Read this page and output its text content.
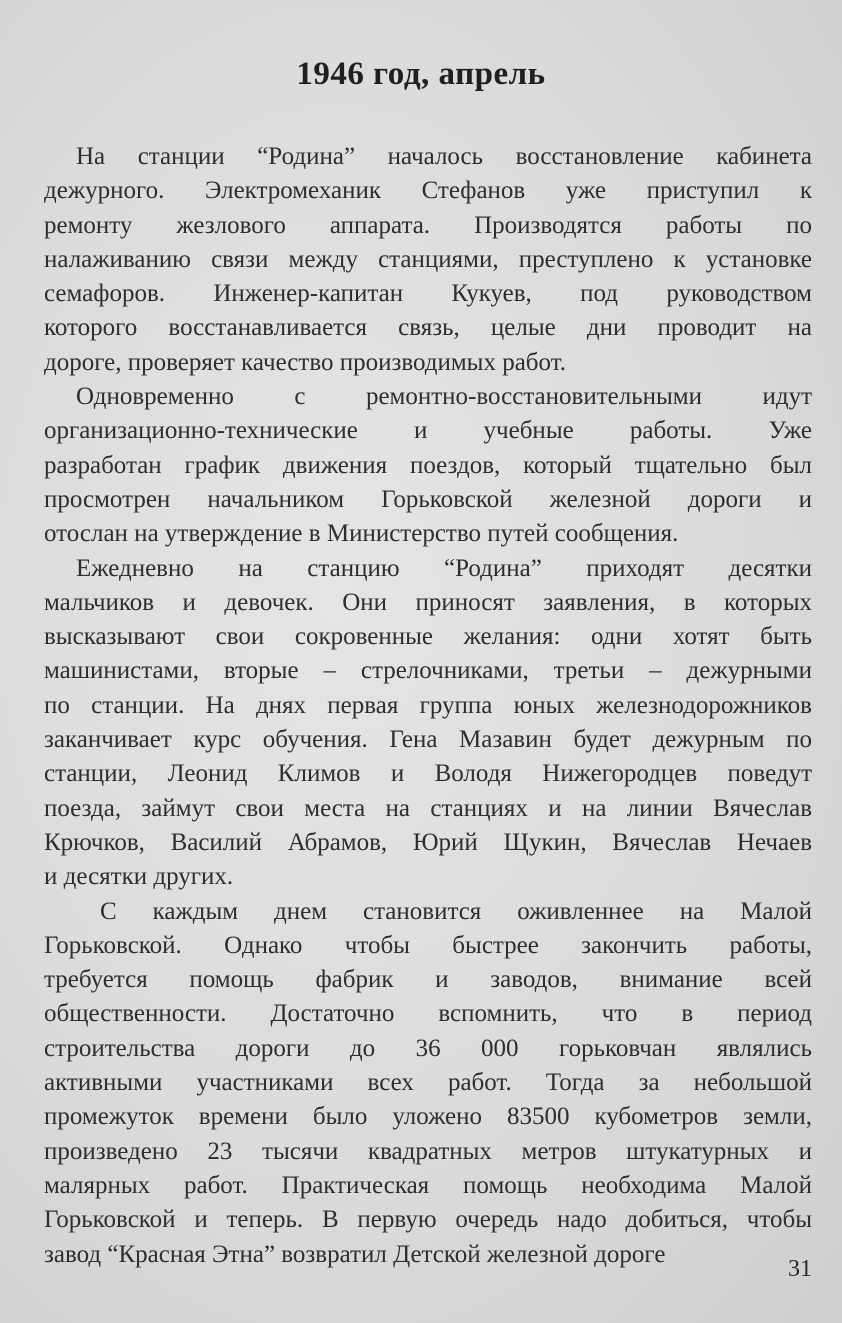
1946 год, апрель
На станции “Родина” началось восстановление кабинета
дежурного. Электромеханик Стефанов уже приступил к
ремонту жезлового аппарата. Производятся работы по
налаживанию связи между станциями, преступлено к установке
семафоров. Инженер-капитан Кукуев, под руководством
которого восстанавливается связь, целые дни проводит на
дороге, проверяет качество производимых работ.
Одновременно с ремонтно-восстановительными идут
организационно-технические и учебные работы. Уже
разработан график движения поездов, который тщательно был
просмотрен начальником Горьковской железной дороги и
отослан на утверждение в Министерство путей сообщения.
Ежедневно на станцию “Родина” приходят десятки
мальчиков и девочек. Они приносят заявления, в которых
высказывают свои сокровенные желания: одни хотят быть
машинистами, вторые – стрелочниками, третьи – дежурными
по станции. На днях первая группа юных железнодорожников
заканчивает курс обучения. Гена Мазавин будет дежурным по
станции, Леонид Климов и Володя Нижегородцев поведут
поезда, займут свои места на станциях и на линии Вячеслав
Крючков, Василий Абрамов, Юрий Щукин, Вячеслав Нечаев
и десятки других.
С каждым днем становится оживленнее на Малой
Горьковской. Однако чтобы быстрее закончить работы,
требуется помощь фабрик и заводов, внимание всей
общественности. Достаточно вспомнить, что в период
строительства дороги до 36 000 горьковчан являлись
активными участниками всех работ. Тогда за небольшой
промежуток времени было уложено 83500 кубометров земли,
произведено 23 тысячи квадратных метров штукатурных и
малярных работ. Практическая помощь необходима Малой
Горьковской и теперь. В первую очередь надо добиться, чтобы
завод “Красная Этна” возвратил Детской железной дороге
31
